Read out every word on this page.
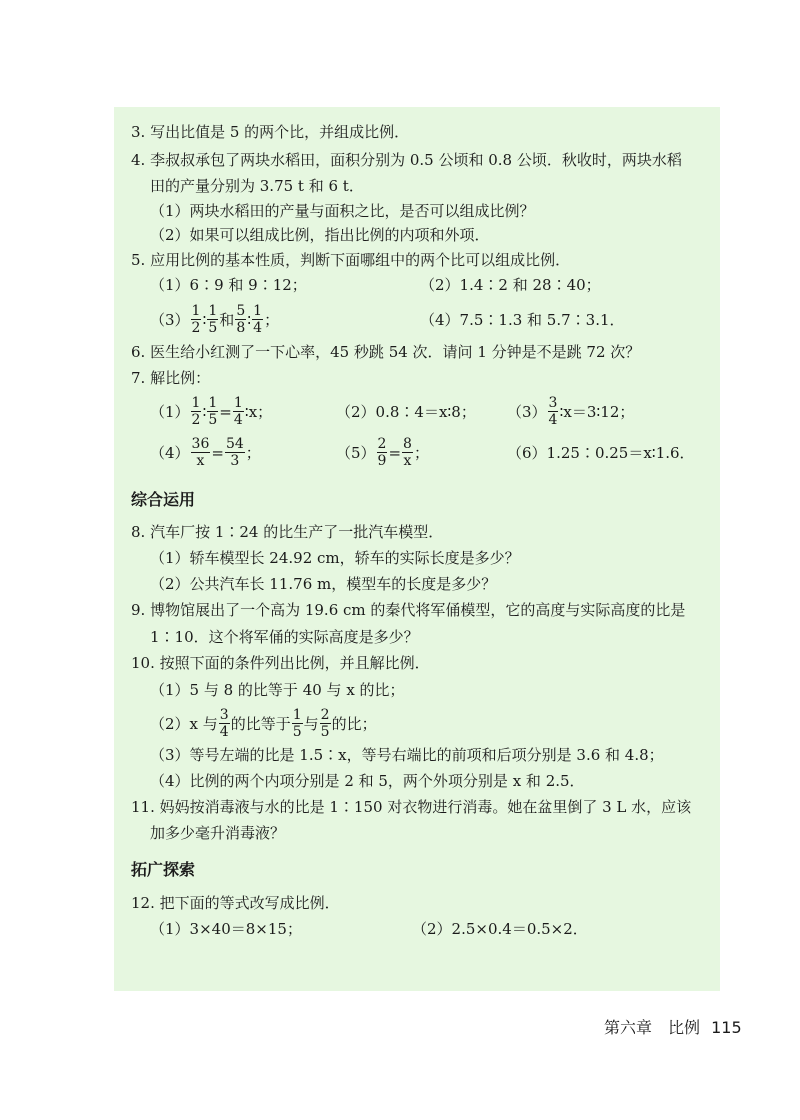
3. 写出比值是 5 的两个比，并组成比例．
4. 李叔叔承包了两块水稻田，面积分别为 0.5 公顷和 0.8 公顷．秋收时，两块水稻
田的产量分别为 3.75 t 和 6 t．
（1）两块水稻田的产量与面积之比，是否可以组成比例？
（2）如果可以组成比例，指出比例的内项和外项．
5. 应用比例的基本性质，判断下面哪组中的两个比可以组成比例．
（1）6∶9 和 9∶12；	（2）1.4∶2 和 28∶40；
$(3) \frac{1}{2}$ ∶ $\frac{1}{5}$ 和 $\frac{5}{8}$ ∶ $\frac{1}{4}$ ；	（4）7.5∶1.3 和 5.7∶3.1．
6. 医生给小红测了一下心率，45 秒跳 54 次．请问 1 分钟是不是跳 72 次？
7. 解比例：
$(1) \frac{1}{2}$ ∶ $\frac{1}{5} = \frac{1}{4}$ ∶x；	（2）0.8∶4＝x∶8； $(3) \frac{3}{4}$ ∶x＝3∶12；
$(4) \frac{36}{x} = \frac{54}{3}$ ；	$(5) \frac{2}{9} = \frac{8}{x}$ ；	（6）1.25∶0.25＝x∶1.6．
综合运用
8. 汽车厂按 1∶24 的比生产了一批汽车模型．
（1）轿车模型长 24.92 cm，轿车的实际长度是多少？
（2）公共汽车长 11.76 m，模型车的长度是多少？
9. 博物馆展出了一个高为 19.6 cm 的秦代将军俑模型，它的高度与实际高度的比是
1∶10．这个将军俑的实际高度是多少？
10. 按照下面的条件列出比例，并且解比例．
（1）5 与 8 的比等于 40 与 x 的比；
（2）x 与 $\frac{3}{4}$ 的比等于 $\frac{1}{5}$ 与 $\frac{2}{5}$ 的比；
（3）等号左端的比是 1.5∶x，等号右端比的前项和后项分别是 3.6 和 4.8；
（4）比例的两个内项分别是 2 和 5，两个外项分别是 x 和 2.5．
11. 妈妈按消毒液与水的比是 1∶150 对衣物进行消毒。她在盆里倒了 3 L 水，应该
加多少毫升消毒液？
拓广探索
12. 把下面的等式改写成比例．
（1）3×40＝8×15；	（2）2.5×0.4＝0.5×2．
第六章　比例 115
